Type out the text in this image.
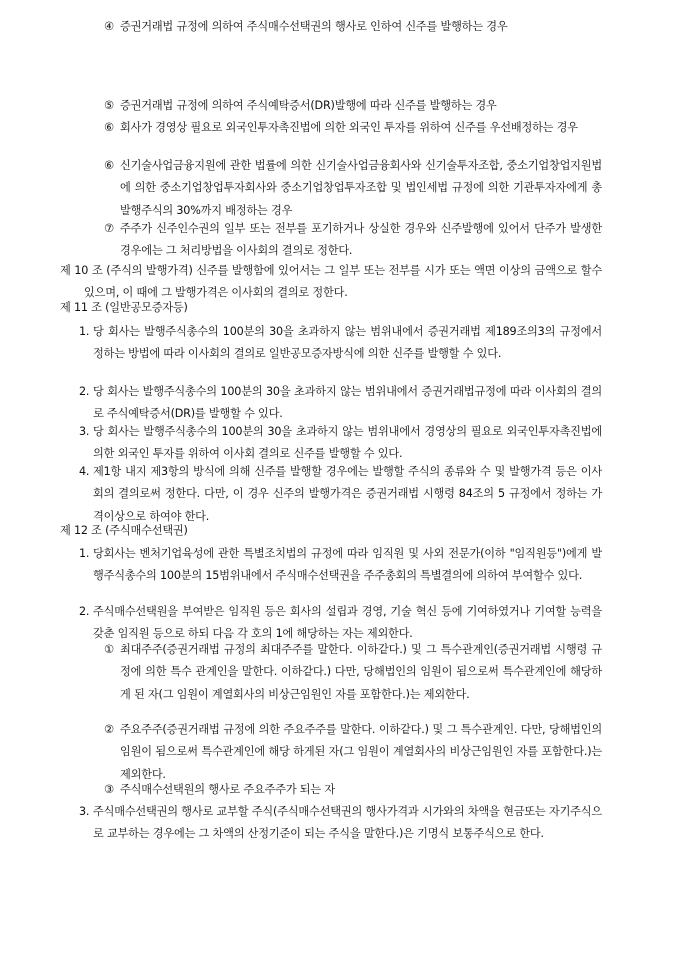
④ 증권거래법 규정에 의하여 주식매수선택권의 행사로 인하여 신주를 발행하는 경우
⑤ 증권거래법 규정에 의하여 주식예탁증서(DR)발행에 따라 신주를 발행하는 경우
⑥ 회사가 경영상 필요로 외국인투자촉진법에 의한 외국인 투자를 위하여 신주를 우선배정하는 경우
⑥ 신기술사업금융지원에 관한 법률에 의한 신기술사업금융회사와 신기술투자조합, 중소기업창업지원법에 의한 중소기업창업투자회사와 중소기업창업투자조합 및 법인세법 규정에 의한 기관투자자에게 총발행주식의 30%까지 배정하는 경우
⑦ 주주가 신주인수권의 일부 또는 전부를 포기하거나 상실한 경우와 신주발행에 있어서 단주가 발생한 경우에는 그 처리방법을 이사회의 결의로 정한다.
제 10 조 (주식의 발행가격) 신주를 발행함에 있어서는 그 일부 또는 전부를 시가 또는 액면 이상의 금액으로 할수 있으며, 이 때에 그 발행가격은 이사회의 결의로 정한다.
제 11 조 (일반공모증자등)
1. 당 회사는 발행주식총수의 100분의 30을 초과하지 않는 범위내에서 증권거래법 제189조의3의 규정에서 정하는 방법에 따라 이사회의 결의로 일반공모증자방식에 의한 신주를 발행할 수 있다.
2. 당 회사는 발행주식총수의 100분의 30을 초과하지 않는 범위내에서 증권거래법규정에 따라 이사회의 결의로 주식예탁증서(DR)를 발행할 수 있다.
3. 당 회사는 발행주식총수의 100분의 30을 초과하지 않는 범위내에서 경영상의 필요로 외국인투자촉진법에 의한 외국인 투자를 위하여 이사회 결의로 신주를 발행할 수 있다.
4. 제1항 내지 제3항의 방식에 의해 신주를 발행할 경우에는 발행할 주식의 종류와 수 및 발행가격 등은 이사회의 결의로써 정한다. 다만, 이 경우 신주의 발행가격은 증권거래법 시행령 84조의 5 규정에서 정하는 가격이상으로 하여야 한다.
제 12 조 (주식매수선택권)
1. 당회사는 벤처기업육성에 관한 특별조치법의 규정에 따라 임직원 및 사외 전문가(이하 "임직원등")에게 발행주식총수의 100분의 15범위내에서 주식매수선택권을 주주총회의 특별결의에 의하여 부여할수 있다.
2. 주식매수선택원을 부여받은 임직원 등은 회사의 설립과 경영, 기술 혁신 등에 기여하였거나 기여할 능력을 갖춘 임직원 등으로 하되 다음 각 호의 1에 해당하는 자는 제외한다.
① 최대주주(증권거래법 규정의 최대주주를 말한다. 이하같다.) 및 그 특수관계인(증권거래법 시행령 규정에 의한 특수 관계인을 말한다. 이하같다.) 다만, 당해법인의 임원이 됨으로써 특수관계인에 해당하게 된 자(그 임원이 계열회사의 비상근임원인 자를 포함한다.)는 제외한다.
② 주요주주(증권거래법 규정에 의한 주요주주를 말한다. 이하같다.) 및 그 특수관계인. 다만, 당해법인의 임원이 됨으로써 특수관계인에 해당 하게된 자(그 임원이 계열회사의 비상근임원인 자를 포함한다.)는 제외한다.
③ 주식매수선택원의 행사로 주요주주가 되는 자
3. 주식매수선택권의 행사로 교부할 주식(주식매수선택권의 행사가격과 시가와의 차액을 현금또는 자기주식으로 교부하는 경우에는 그 차액의 산정기준이 되는 주식을 말한다.)은 기명식 보통주식으로 한다.
